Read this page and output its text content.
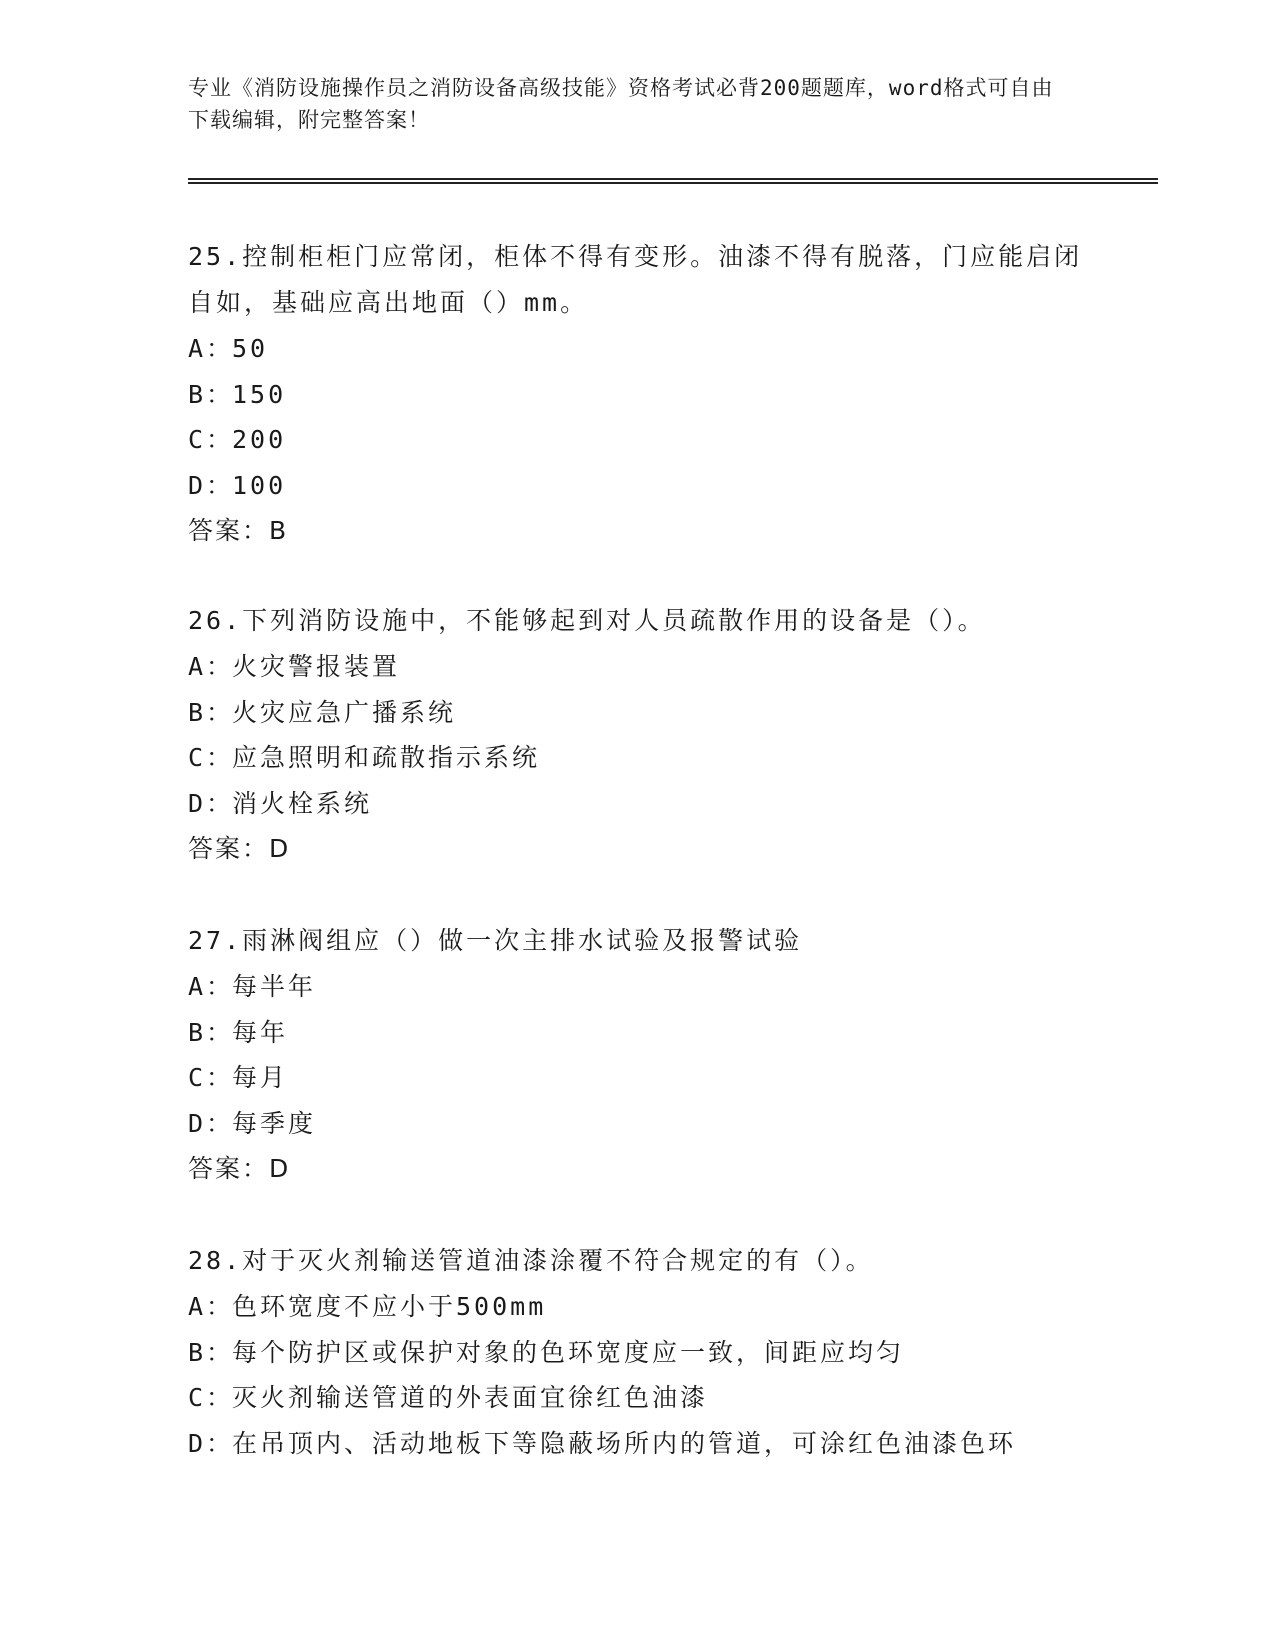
专业《消防设施操作员之消防设备高级技能》资格考试必背200题题库，word格式可自由下载编辑，附完整答案！
25.控制柜柜门应常闭，柜体不得有变形。油漆不得有脱落，门应能启闭自如，基础应高出地面（）mm。
A：50
B：150
C：200
D：100
答案：B
26.下列消防设施中，不能够起到对人员疏散作用的设备是（）。
A：火灾警报装置
B：火灾应急广播系统
C：应急照明和疏散指示系统
D：消火栓系统
答案：D
27.雨淋阀组应（）做一次主排水试验及报警试验
A：每半年
B：每年
C：每月
D：每季度
答案：D
28.对于灭火剂输送管道油漆涂覆不符合规定的有（）。
A：色环宽度不应小于500mm
B：每个防护区或保护对象的色环宽度应一致，间距应均匀
C：灭火剂输送管道的外表面宜徐红色油漆
D：在吊顶内、活动地板下等隐蔽场所内的管道，可涂红色油漆色环
